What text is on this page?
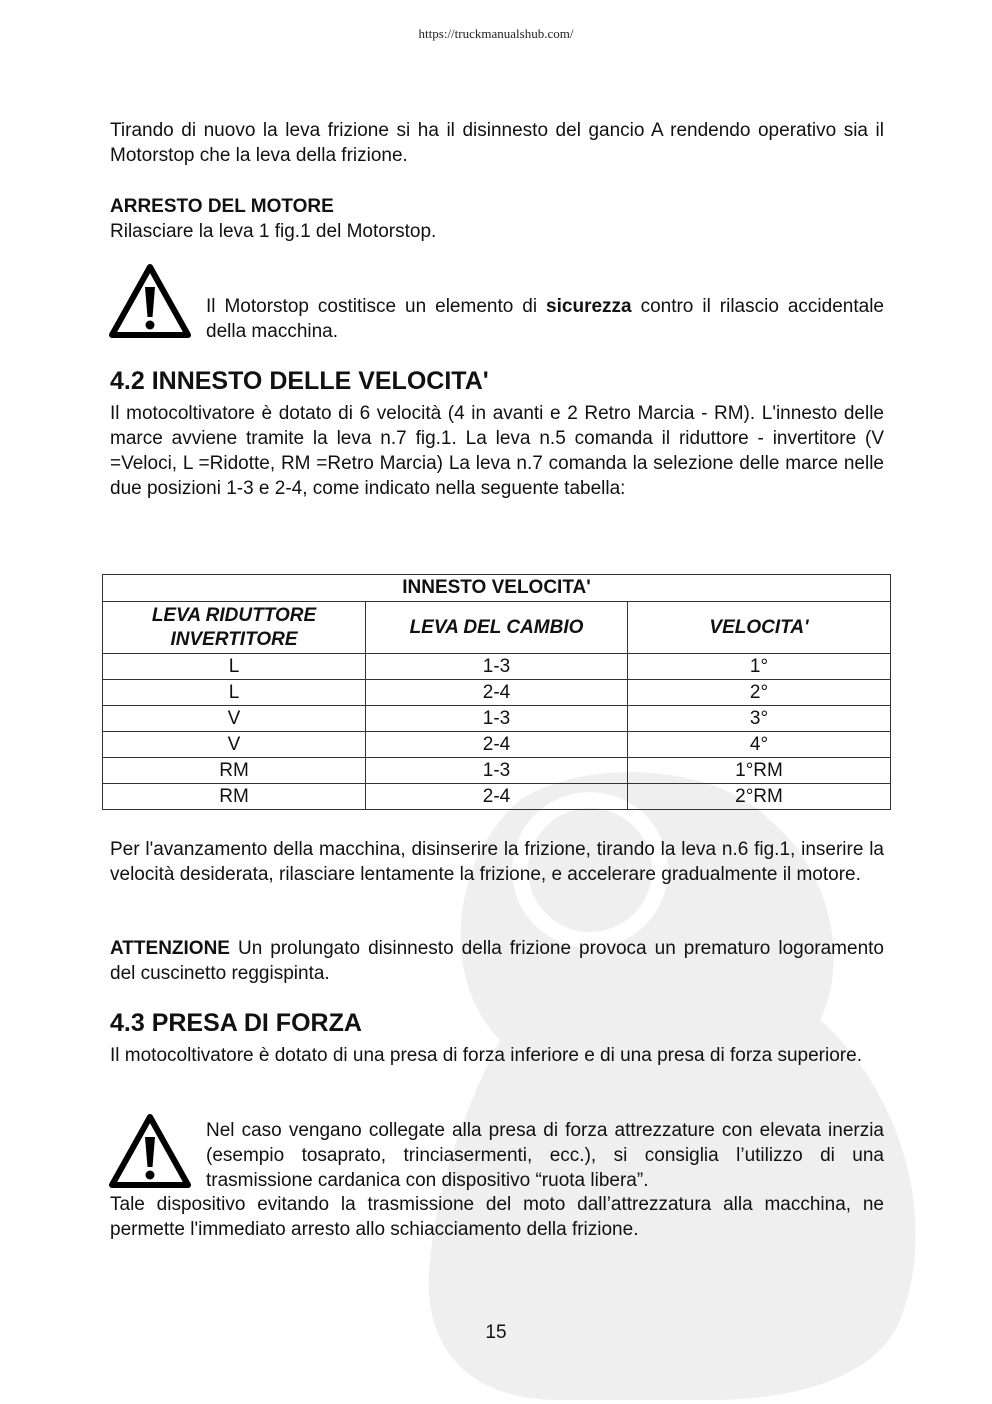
https://truckmanualshub.com/

Tirando di nuovo la leva frizione si ha il disinnesto del gancio A rendendo operativo sia il Motorstop che la leva della frizione.

ARRESTO DEL MOTORE

Rilasciare la leva 1 fig.1 del Motorstop.

Il Motorstop costitisce un elemento di sicurezza contro il rilascio accidentale della macchina.

4.2 INNESTO DELLE VELOCITA'

Il motocoltivatore è dotato di 6 velocità (4 in avanti e 2 Retro Marcia - RM). L'innesto delle marce avviene tramite la leva n.7 fig.1. La leva n.5 comanda il riduttore - invertitore (V =Veloci, L =Ridotte, RM =Retro Marcia) La leva n.7 comanda la selezione delle marce nelle due posizioni 1-3 e 2-4, come indicato nella seguente tabella:

INNESTO VELOCITA'		
LEVA RIDUTTORE INVERTITORE	LEVA DEL CAMBIO	VELOCITA'
L	1-3	1°
L	2-4	2°
V	1-3	3°
V	2-4	4°
RM	1-3	1°RM
RM	2-4	2°RM

Per l'avanzamento della macchina, disinserire la frizione, tirando la leva n.6 fig.1, inserire la velocità desiderata, rilasciare lentamente la frizione, e accelerare gradualmente il motore.

ATTENZIONE Un prolungato disinnesto della frizione provoca un prematuro logoramento del cuscinetto reggispinta.

4.3 PRESA DI FORZA

Il motocoltivatore è dotato di una presa di forza inferiore e di una presa di forza superiore.

Nel caso vengano collegate alla presa di forza attrezzature con elevata inerzia (esempio tosaprato, trinciasermenti, ecc.), si consiglia l’utilizzo di una trasmissione cardanica con dispositivo “ruota libera”.

Tale dispositivo evitando la trasmissione del moto dall’attrezzatura alla macchina, ne permette l'immediato arresto allo schiacciamento della frizione.

15
